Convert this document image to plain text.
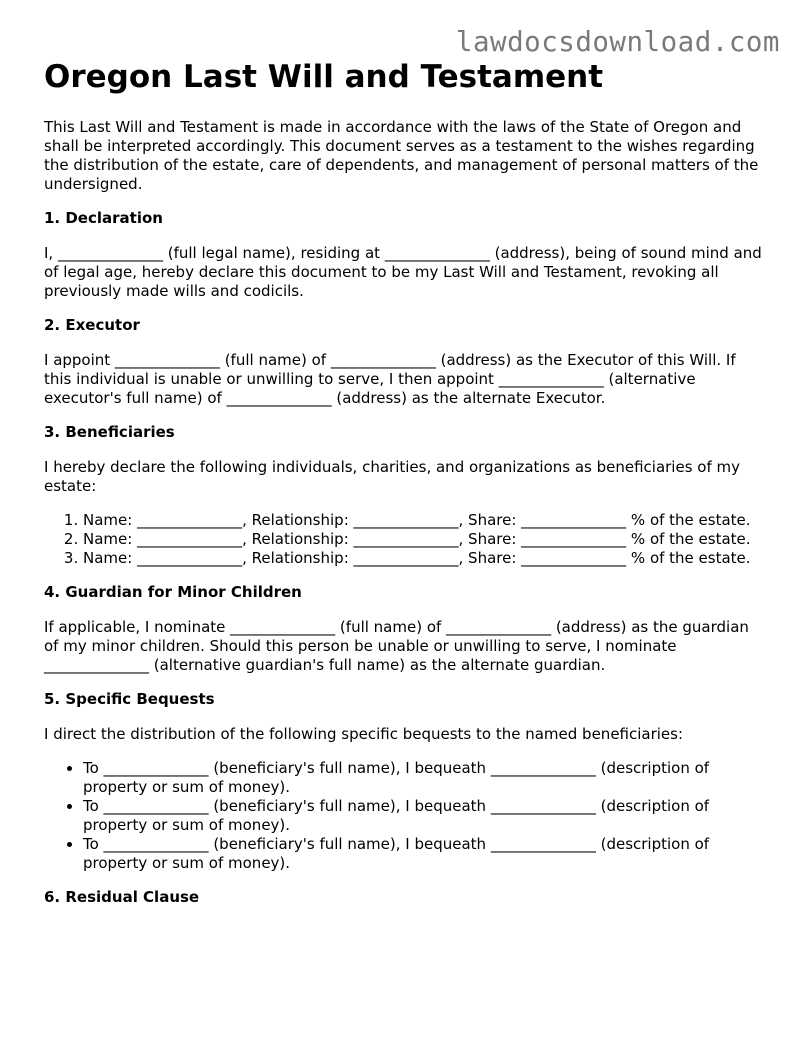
lawdocsdownload.com
Oregon Last Will and Testament

This Last Will and Testament is made in accordance with the laws of the State of Oregon and shall be interpreted accordingly. This document serves as a testament to the wishes regarding the distribution of the estate, care of dependents, and management of personal matters of the undersigned.

1. Declaration

I, ______________ (full legal name), residing at ______________ (address), being of sound mind and of legal age, hereby declare this document to be my Last Will and Testament, revoking all previously made wills and codicils.

2. Executor

I appoint ______________ (full name) of ______________ (address) as the Executor of this Will. If this individual is unable or unwilling to serve, I then appoint ______________ (alternative executor's full name) of ______________ (address) as the alternate Executor.

3. Beneficiaries

I hereby declare the following individuals, charities, and organizations as beneficiaries of my estate:

1. Name: ______________, Relationship: ______________, Share: ______________ % of the estate.
2. Name: ______________, Relationship: ______________, Share: ______________ % of the estate.
3. Name: ______________, Relationship: ______________, Share: ______________ % of the estate.
4. Guardian for Minor Children

If applicable, I nominate ______________ (full name) of ______________ (address) as the guardian of my minor children. Should this person be unable or unwilling to serve, I nominate ______________ (alternative guardian's full name) as the alternate guardian.

5. Specific Bequests

I direct the distribution of the following specific bequests to the named beneficiaries:

• To ______________ (beneficiary's full name), I bequeath ______________ (description of property or sum of money).
• To ______________ (beneficiary's full name), I bequeath ______________ (description of property or sum of money).
• To ______________ (beneficiary's full name), I bequeath ______________ (description of property or sum of money).
6. Residual Clause
